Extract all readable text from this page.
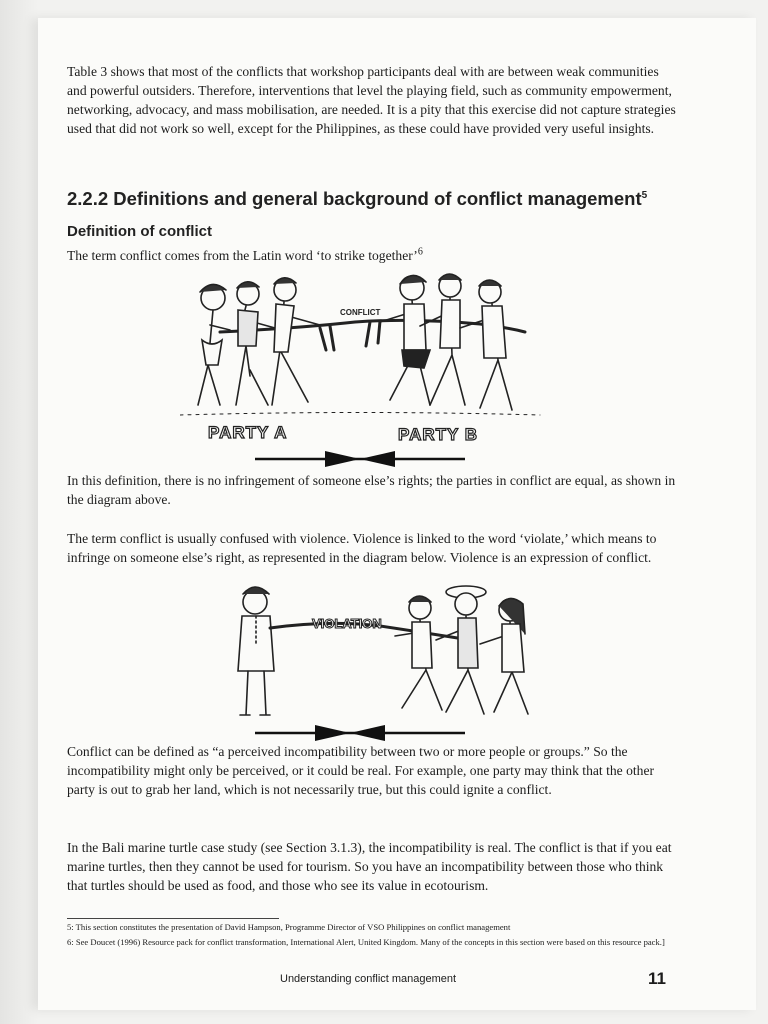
Table 3 shows that most of the conflicts that workshop participants deal with are between weak communities and powerful outsiders. Therefore, interventions that level the playing field, such as community empowerment, networking, advocacy, and mass mobilisation, are needed. It is a pity that this exercise did not capture strategies used that did not work so well, except for the Philippines, as these could have provided very useful insights.

2.2.2 Definitions and general background of conflict management$^5$
Definition of conflict

The term conflict comes from the Latin word ‘to strike together’$^6$

CONFLICT
PARTY A	PARTY B

In this definition, there is no infringement of someone else’s rights; the parties in conflict are equal, as shown in the diagram above.

The term conflict is usually confused with violence. Violence is linked to the word ‘violate,’ which means to infringe on someone else’s right, as represented in the diagram below. Violence is an expression of conflict.

VIOLATION

Conflict can be defined as “a perceived incompatibility between two or more people or groups.” So the incompatibility might only be perceived, or it could be real. For example, one party may think that the other party is out to grab her land, which is not necessarily true, but this could ignite a conflict.

In the Bali marine turtle case study (see Section 3.1.3), the incompatibility is real. The conflict is that if you eat marine turtles, then they cannot be used for tourism. So you have an incompatibility between those who think that turtles should be used as food, and those who see its value in ecotourism.

5: This section constitutes the presentation of David Hampson, Programme Director of VSO Philippines on conflict management

6: See Doucet (1996) Resource pack for conflict transformation, International Alert, United Kingdom. Many of the concepts in this section were based on this resource pack.]

Understanding conflict management	11
